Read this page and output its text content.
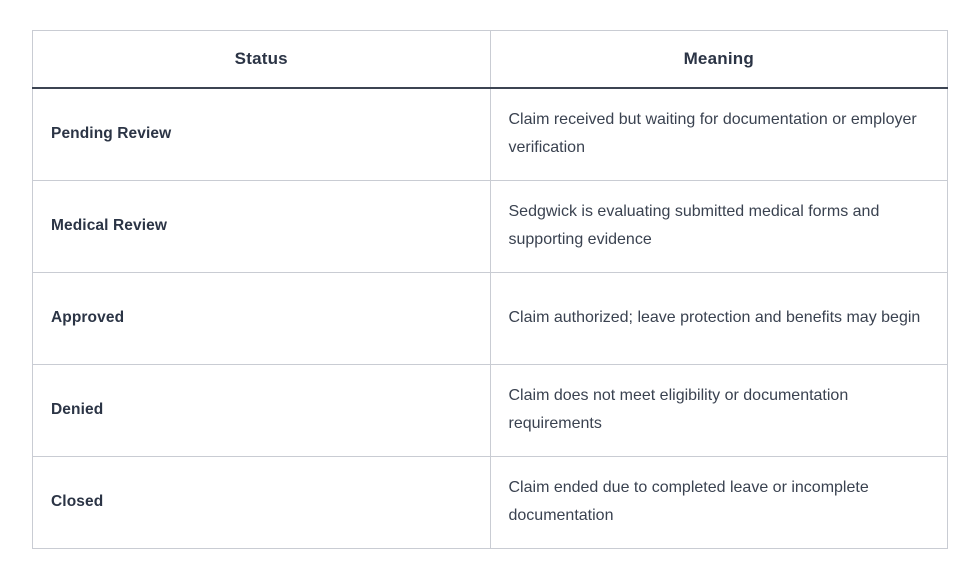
Status	Meaning
Pending Review	Claim received but waiting for documentation or employer verification

Medical Review	Sedgwick is evaluating submitted medical forms and supporting evidence

Approved	Claim authorized; leave protection and benefits may begin

Denied	Claim does not meet eligibility or documentation requirements

Closed	Claim ended due to completed leave or incomplete documentation
